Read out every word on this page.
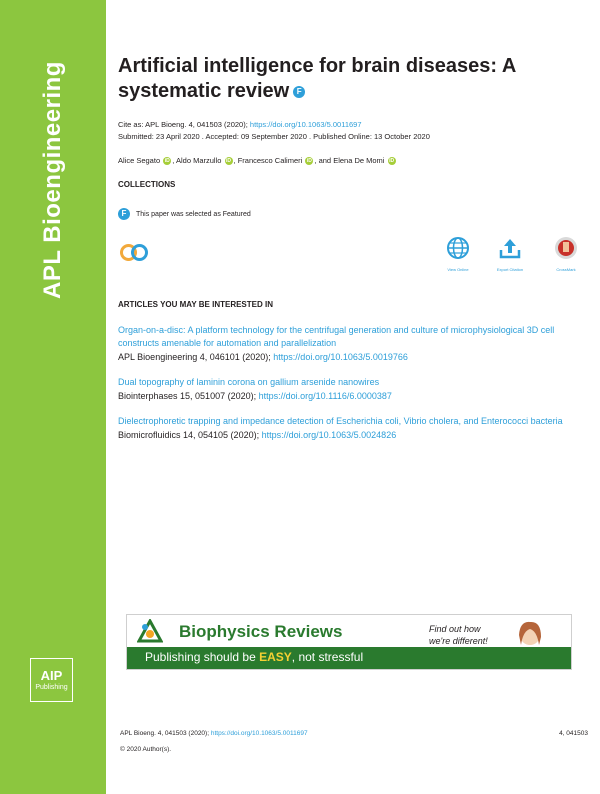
APL Bioengineering
AIP
Publishing
Artificial intelligence for brain diseases: A systematic review F
Cite as: APL Bioeng. 4, 041503 (2020); https://doi.org/10.1063/5.0011697
Submitted: 23 April 2020 . Accepted: 09 September 2020 . Published Online: 13 October 2020
Alice Segato iD , Aldo Marzullo iD , Francesco Calimeri iD , and Elena De Momi iD
COLLECTIONS
F This paper was selected as Featured
View Online	Export Citation	CrossMark
ARTICLES YOU MAY BE INTERESTED IN
Organ-on-a-disc: A platform technology for the centrifugal generation and culture of microphysiological 3D cell constructs amenable for automation and parallelization
APL Bioengineering 4, 046101 (2020); https://doi.org/10.1063/5.0019766
Dual topography of laminin corona on gallium arsenide nanowires
Biointerphases 15, 051007 (2020); https://doi.org/10.1116/6.0000387
Dielectrophoretic trapping and impedance detection of Escherichia coli, Vibrio cholera, and Enterococci bacteria
Biomicrofluidics 14, 054105 (2020); https://doi.org/10.1063/5.0024826
Biophysics Reviews	Find out how
we're different!
Publishing should be EASY, not stressful
APL Bioeng. 4, 041503 (2020); https://doi.org/10.1063/5.0011697	4, 041503
© 2020 Author(s).
